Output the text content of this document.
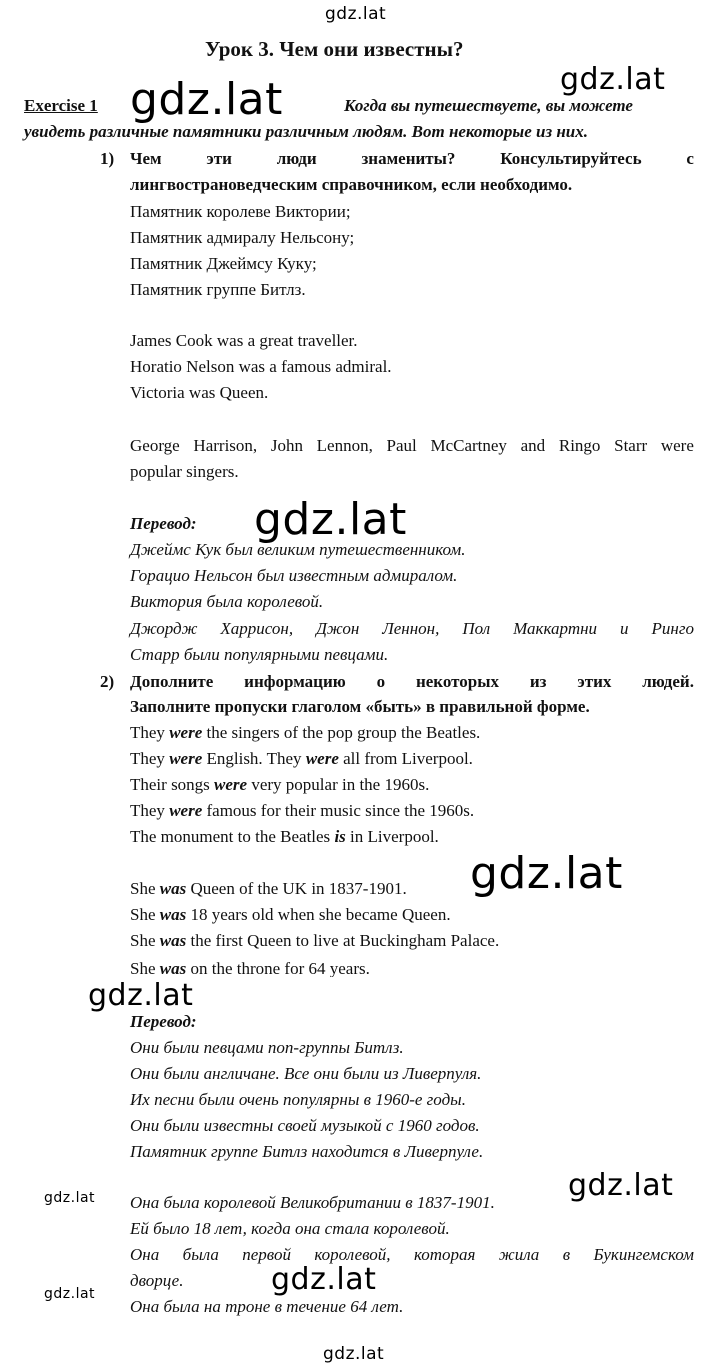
gdz.lat
gdz.lat
gdz.lat
gdz.lat
gdz.lat
gdz.lat
gdz.lat
gdz.lat
gdz.lat
gdz.lat
gdz.lat
Урок 3. Чем они известны?
Exercise 1	Когда вы путешествуете, вы можете
увидеть различные памятники различным людям. Вот некоторые из них.
1) Чем	эти	люди	знамениты?	Консультируйтесь	с
лингвострановедческим справочником, если необходимо.
Памятник королеве Виктории;
Памятник адмиралу Нельсону;
Памятник Джеймсу Куку;
Памятник группе Битлз.
James Cook was a great traveller.
Horatio Nelson was a famous admiral.
Victoria was Queen.
George Harrison, John Lennon, Paul McCartney and Ringo Starr were
popular singers.
Перевод:
Джеймс Кук был великим путешественником.
Горацио Нельсон был известным адмиралом.
Виктория была королевой.
Джордж Харрисон, Джон Леннон, Пол Маккартни и Ринго
Старр были популярными певцами.
2) Дополните информацию о некоторых из этих людей.
Заполните пропуски глаголом «быть» в правильной форме.
They were the singers of the pop group the Beatles.
They were English. They were all from Liverpool.
Their songs were very popular in the 1960s.
They were famous for their music since the 1960s.
The monument to the Beatles is in Liverpool.
She was Queen of the UK in 1837-1901.
She was 18 years old when she became Queen.
She was the first Queen to live at Buckingham Palace.
She was on the throne for 64 years.
Перевод:
Они были певцами поп-группы Битлз.
Они были англичане. Все они были из Ливерпуля.
Их песни были очень популярны в 1960-е годы.
Они были известны своей музыкой с 1960 годов.
Памятник группе Битлз находится в Ливерпуле.
Она была королевой Великобритании в 1837-1901.
Ей было 18 лет, когда она стала королевой.
Она была первой королевой, которая жила в Букингемском
дворце.
Она была на троне в течение 64 лет.
